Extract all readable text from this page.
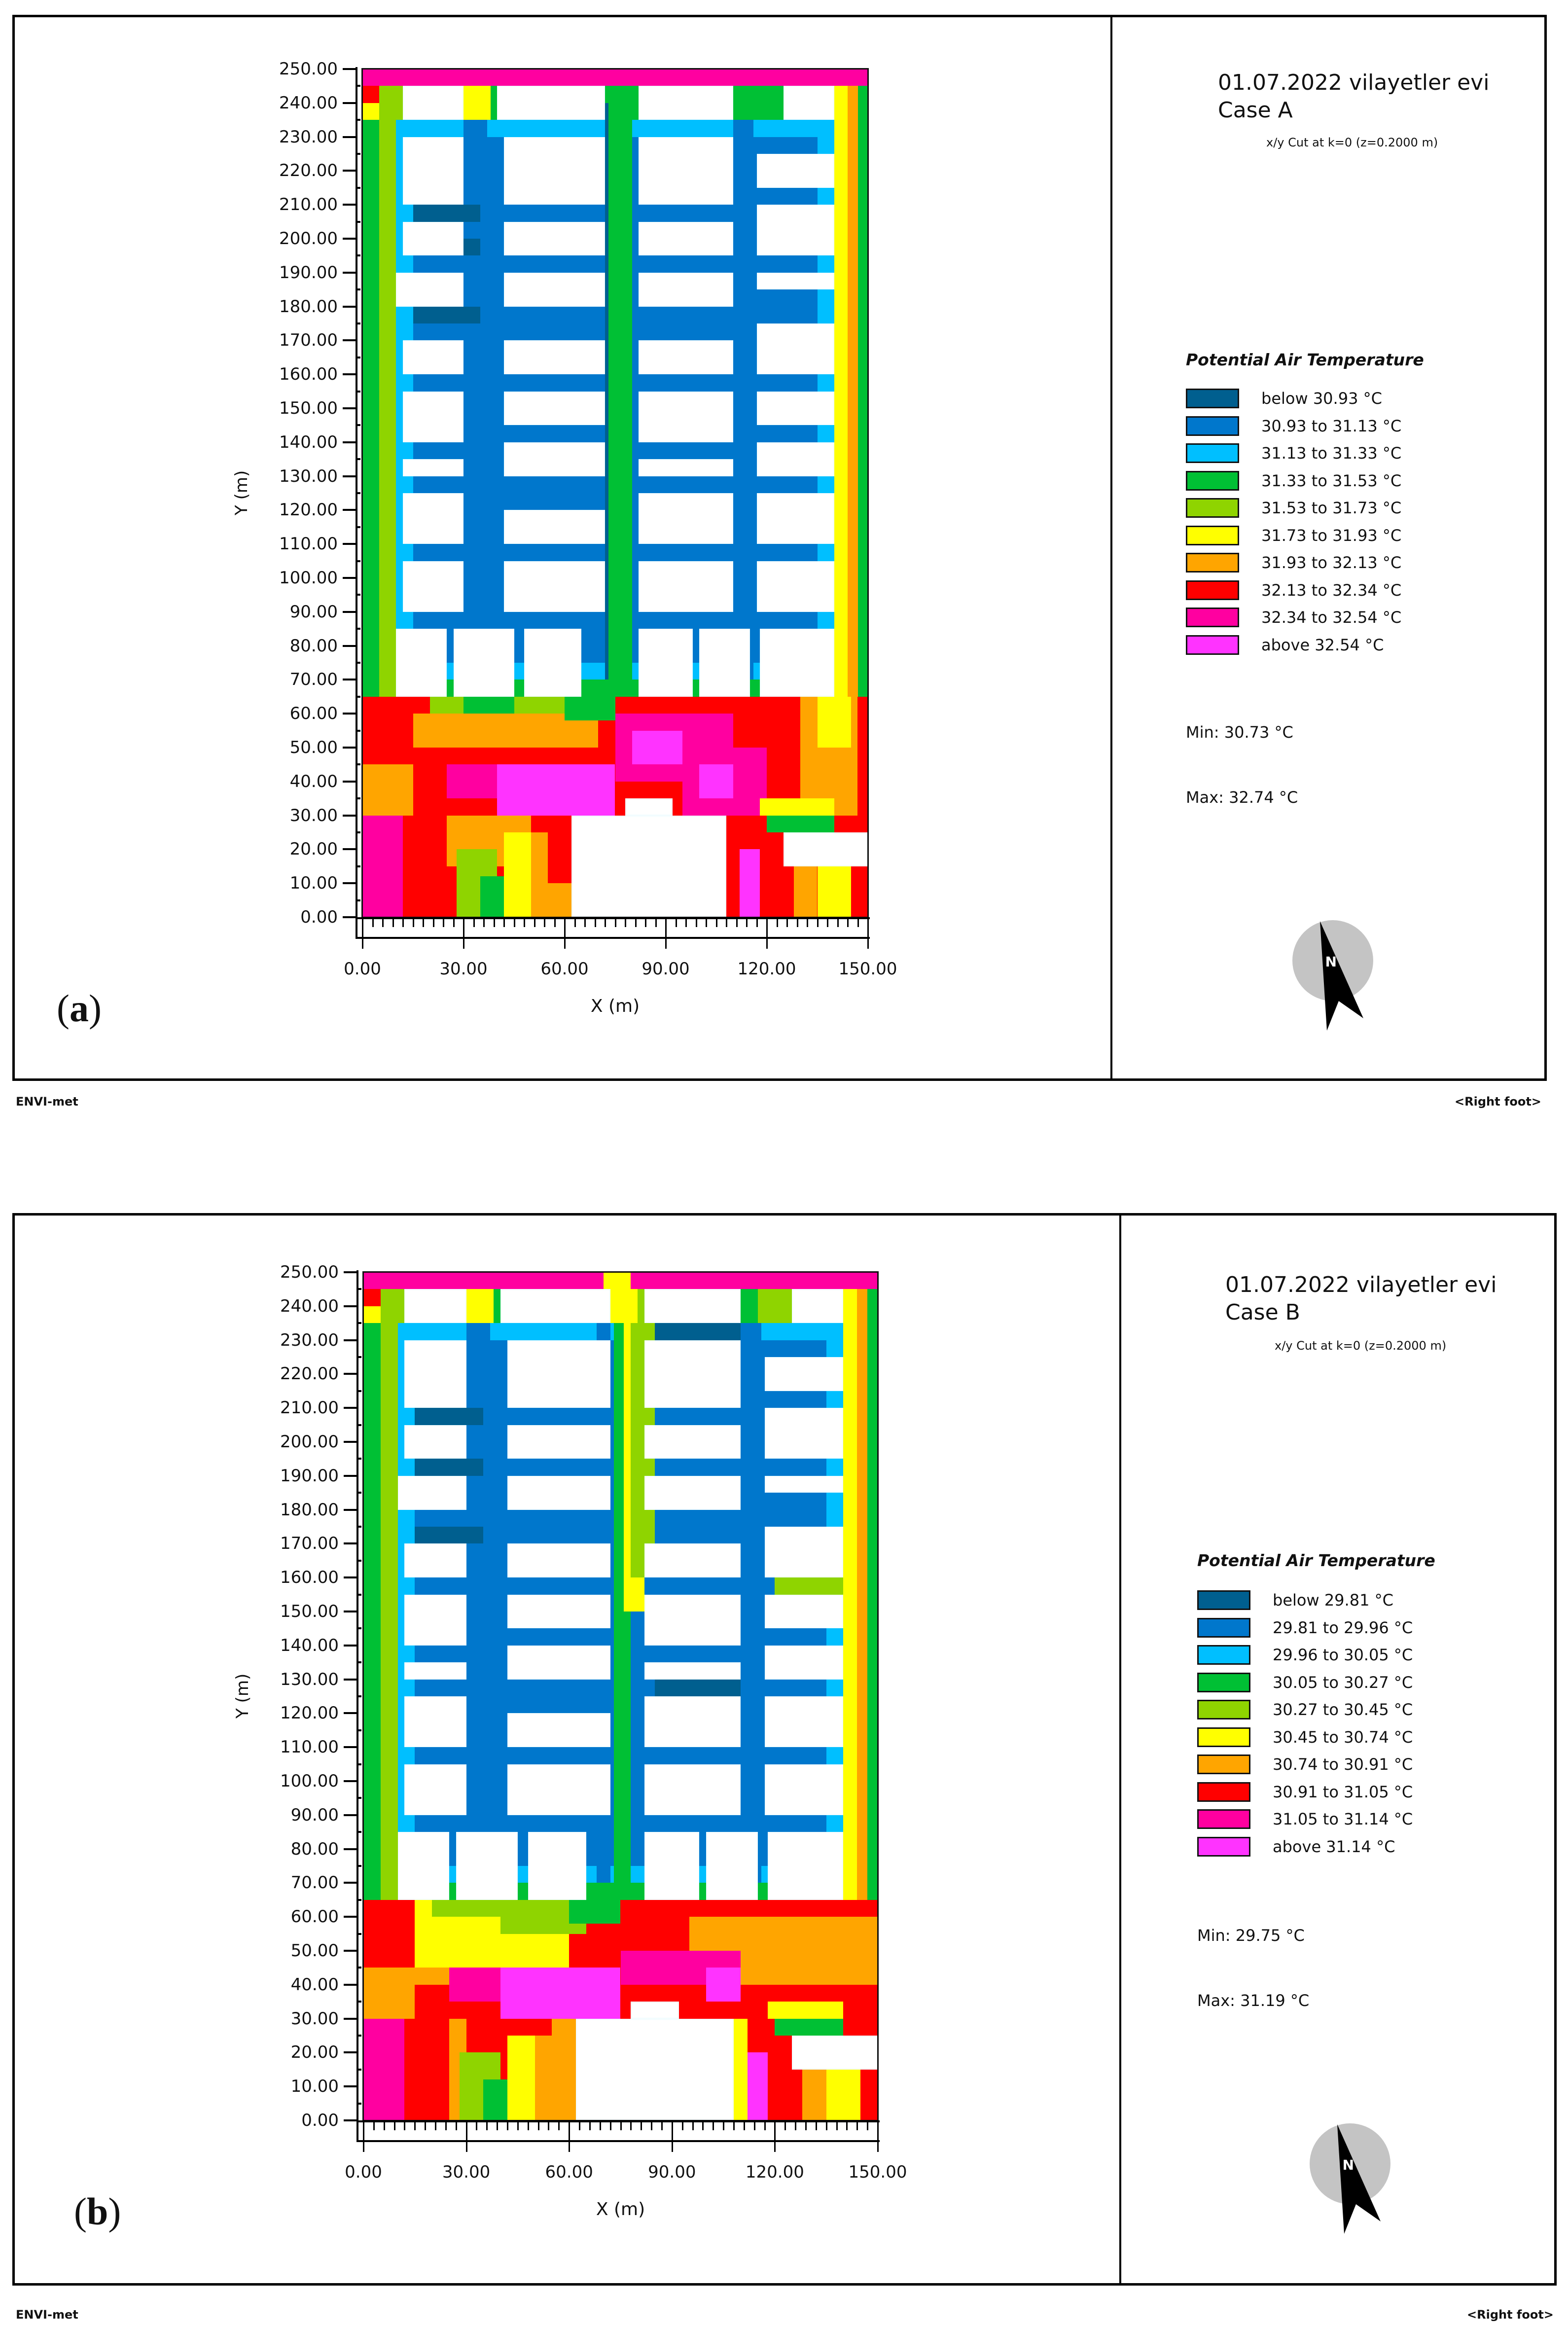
0.00
10.00
20.00
30.00
40.00
50.00
60.00
70.00
80.00
90.00
100.00
110.00
120.00
130.00
140.00
150.00
160.00
170.00
180.00
190.00
200.00
210.00
220.00
230.00
240.00
250.00
0.00	30.00	60.00	90.00	120.00	150.00
X (m)
Y (m)
01.07.2022 vilayetler evi
Case A
x/y Cut at k=0 (z=0.2000 m)
Potential Air Temperature
below 30.93 °C
30.93 to 31.13 °C
31.13 to 31.33 °C
31.33 to 31.53 °C
31.53 to 31.73 °C
31.73 to 31.93 °C
31.93 to 32.13 °C
32.13 to 32.34 °C
32.34 to 32.54 °C
above 32.54 °C

Min: 30.73 °C

Max: 32.74 °C

N
(a)
ENVI-met	<Right foot>
0.00
10.00
20.00
30.00
40.00
50.00
60.00
70.00
80.00
90.00
100.00
110.00
120.00
130.00
140.00
150.00
160.00
170.00
180.00
190.00
200.00
210.00
220.00
230.00
240.00
250.00
0.00	30.00	60.00	90.00	120.00	150.00
X (m)
Y (m)
01.07.2022 vilayetler evi
Case B
x/y Cut at k=0 (z=0.2000 m)
Potential Air Temperature
below 29.81 °C
29.81 to 29.96 °C
29.96 to 30.05 °C
30.05 to 30.27 °C
30.27 to 30.45 °C
30.45 to 30.74 °C
30.74 to 30.91 °C
30.91 to 31.05 °C
31.05 to 31.14 °C
above 31.14 °C

Min: 29.75 °C

Max: 31.19 °C

N
(b)
ENVI-met	<Right foot>
